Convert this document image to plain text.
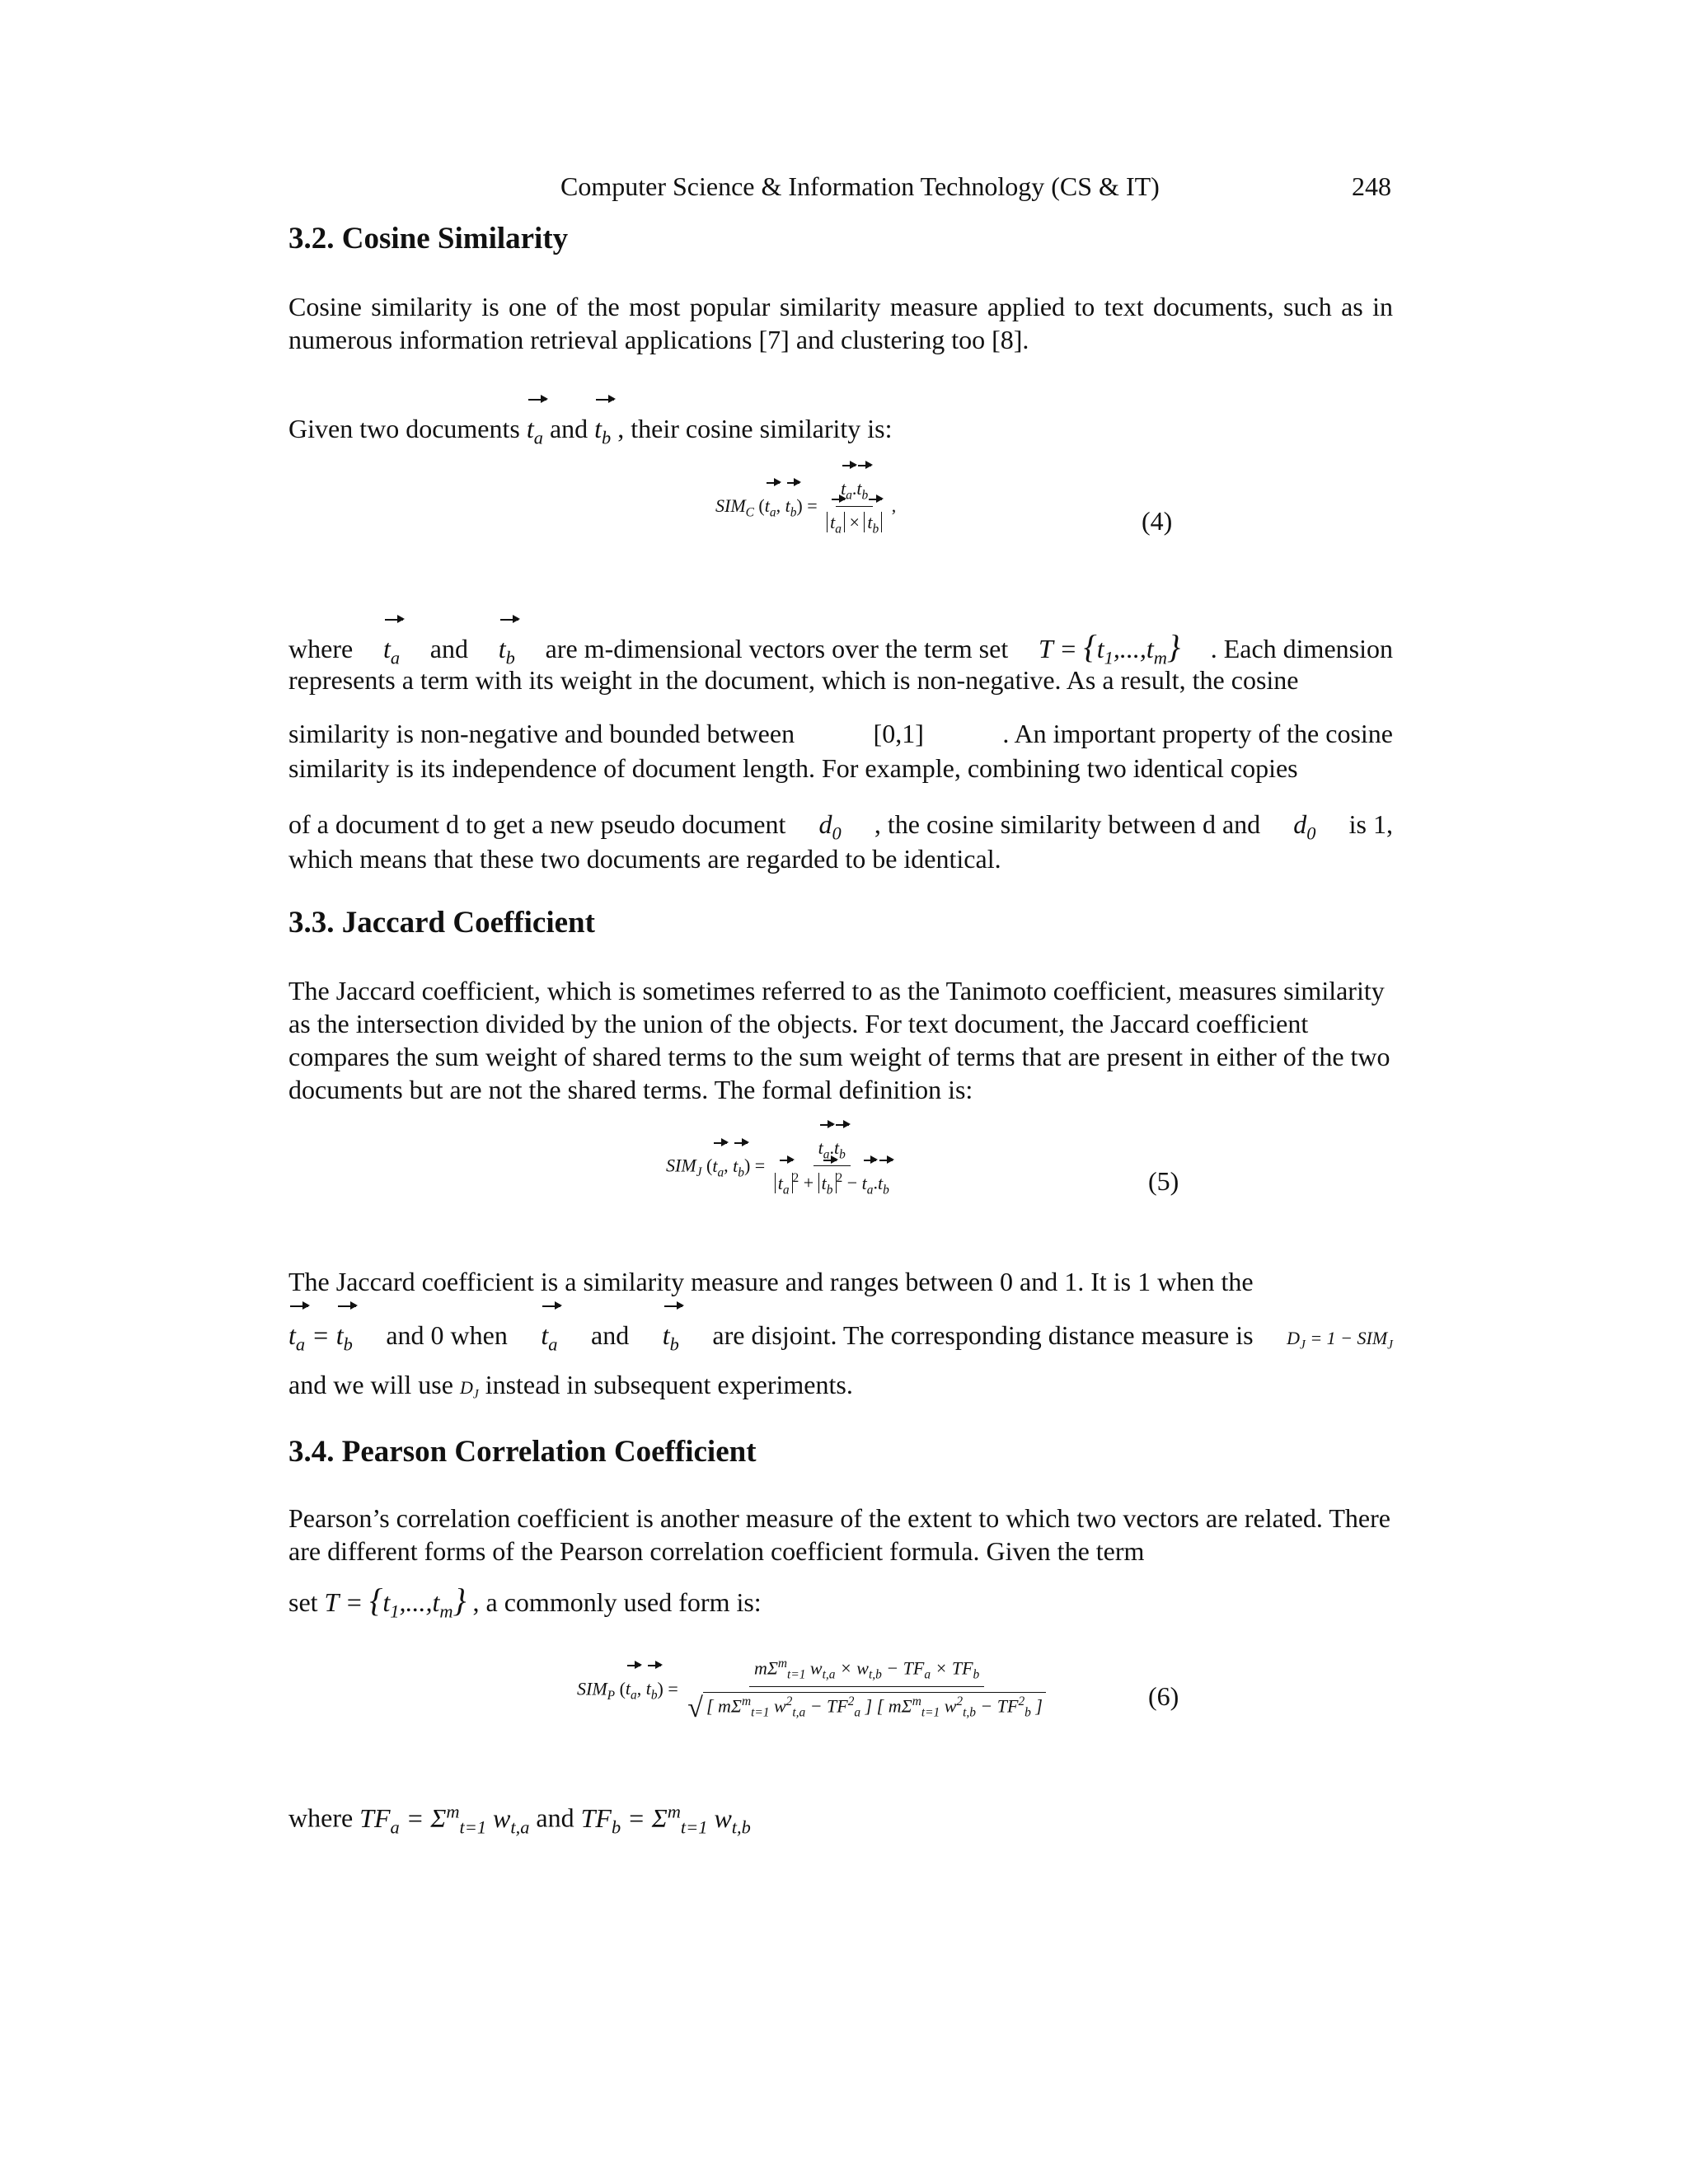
Computer Science & Information Technology (CS & IT)	248
3.2. Cosine Similarity

Cosine similarity is one of the most popular similarity measure applied to text documents, such as in numerous information retrieval applications [7] and clustering too [8].

Given two documents $t_a$ and $t_b$ , their cosine similarity is:
$SIM_C$ ($t_a$, $t_b) = \frac{t_a.t_b}{t_a \times t_b}$ ,
(4)
where $t_a$ and $t_b$ are m-dimensional vectors over the term set $T = \{t_1,...,t_m\}$ . Each dimension
represents a term with its weight in the document, which is non-negative. As a result, the cosine
similarity is non-negative and bounded between	[0,1]	. An important property of the cosine
similarity is its independence of document length. For example, combining two identical copies
of a document d to get a new pseudo document $d_0$ , the cosine similarity between d and $d_0$ is 1,
which means that these two documents are regarded to be identical.
3.3. Jaccard Coefficient

The Jaccard coefficient, which is sometimes referred to as the Tanimoto coefficient, measures similarity as the intersection divided by the union of the objects. For text document, the Jaccard coefficient compares the sum weight of shared terms to the sum weight of terms that are present in either of the two documents but are not the shared terms. The formal definition is:

$SIM_J$ ($t_a$, $t_b) = \frac{t_a.t_b}{t_a^2 + t_b^2 - t_a.t_b}$	(5)
The Jaccard coefficient is a similarity measure and ranges between 0 and 1. It is 1 when the
$t_a = t_b$ and 0 when $t_a$ and $t_b$ are disjoint. The corresponding distance measure is $D_J = 1 - SIM_J$
and we will use $D_J$ instead in subsequent experiments.
3.4. Pearson Correlation Coefficient

Pearson’s correlation coefficient is another measure of the extent to which two vectors are related. There are different forms of the Pearson correlation coefficient formula. Given the term

set $T = \{t_1,...,t_m\}$ , a commonly used form is:
$SIM_P$ ($t_a$, $t_b) = \frac{m\Sigma^m_{t=1} w_{t,a} \times w_{t,b} - TF_a \times TF_b}{√ [ m\Sigma^m_{t=1} w^2_{t,a} - TF^2_a ] [ m\Sigma^m_{t=1} w^2_{t,b} - TF^2_b ]}$	(6)
where $TF_a = \Sigma^m_{t=1}$ $w_{t,a}$ and $TF_b = \Sigma^m_{t=1}$ $w_{t,b}$
